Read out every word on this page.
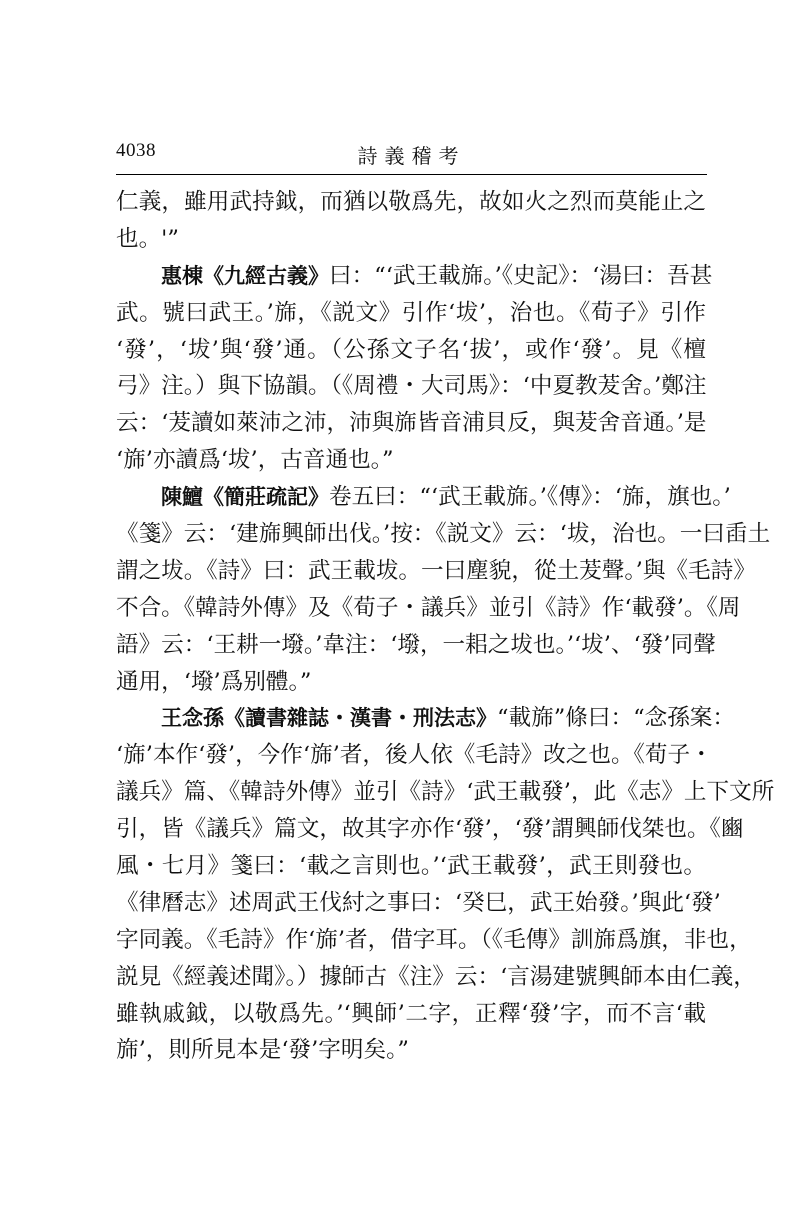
4038	詩義稽考
仁義，雖用武持鉞，而猶以敬爲先，故如火之烈而莫能止之
也。'”
惠棟《九經古義》曰：“‘武王載旆。’《史記》：‘湯曰：吾甚
武。號曰武王。’旆，《説文》引作‘坺’，治也。《荀子》引作
‘發’，‘坺’與‘發’通。（公孫文子名‘拔’，或作‘發’。見《檀
弓》注。）與下協韻。（《周禮・大司馬》：‘中夏教茇舍。’鄭注
云：‘茇讀如萊沛之沛，沛與旆皆音浦貝反，與茇舍音通。’是
‘旆’亦讀爲‘坺’，古音通也。”
陳鱣《簡莊疏記》卷五曰：“‘武王載旆。’《傳》：‘旆，旗也。’
《箋》云：‘建旆興師出伐。’按：《説文》云：‘坺，治也。一曰臿土
謂之坺。《詩》曰：武王載坺。一曰塵貌，從土茇聲。’與《毛詩》
不合。《韓詩外傳》及《荀子・議兵》並引《詩》作‘載發’。《周
語》云：‘王耕一墢。’韋注：‘墢，一耜之坺也。’‘坺’、‘發’同聲
通用，‘墢’爲别體。”
王念孫《讀書雜誌・漢書・刑法志》“載旆”條曰：“念孫案：
‘旆’本作‘發’，今作‘旆’者，後人依《毛詩》改之也。《荀子・
議兵》篇、《韓詩外傳》並引《詩》‘武王載發’，此《志》上下文所
引，皆《議兵》篇文，故其字亦作‘發’，‘發’謂興師伐桀也。《豳
風・七月》箋曰：‘載之言則也。’‘武王載發’，武王則發也。
《律曆志》述周武王伐紂之事曰：‘癸巳，武王始發。’與此‘發’
字同義。《毛詩》作‘旆’者，借字耳。（《毛傳》訓旆爲旗，非也，
説見《經義述聞》。）據師古《注》云：‘言湯建號興師本由仁義，
雖執戚鉞，以敬爲先。’‘興師’二字，正釋‘發’字，而不言‘載
旆’，則所見本是‘發’字明矣。”
